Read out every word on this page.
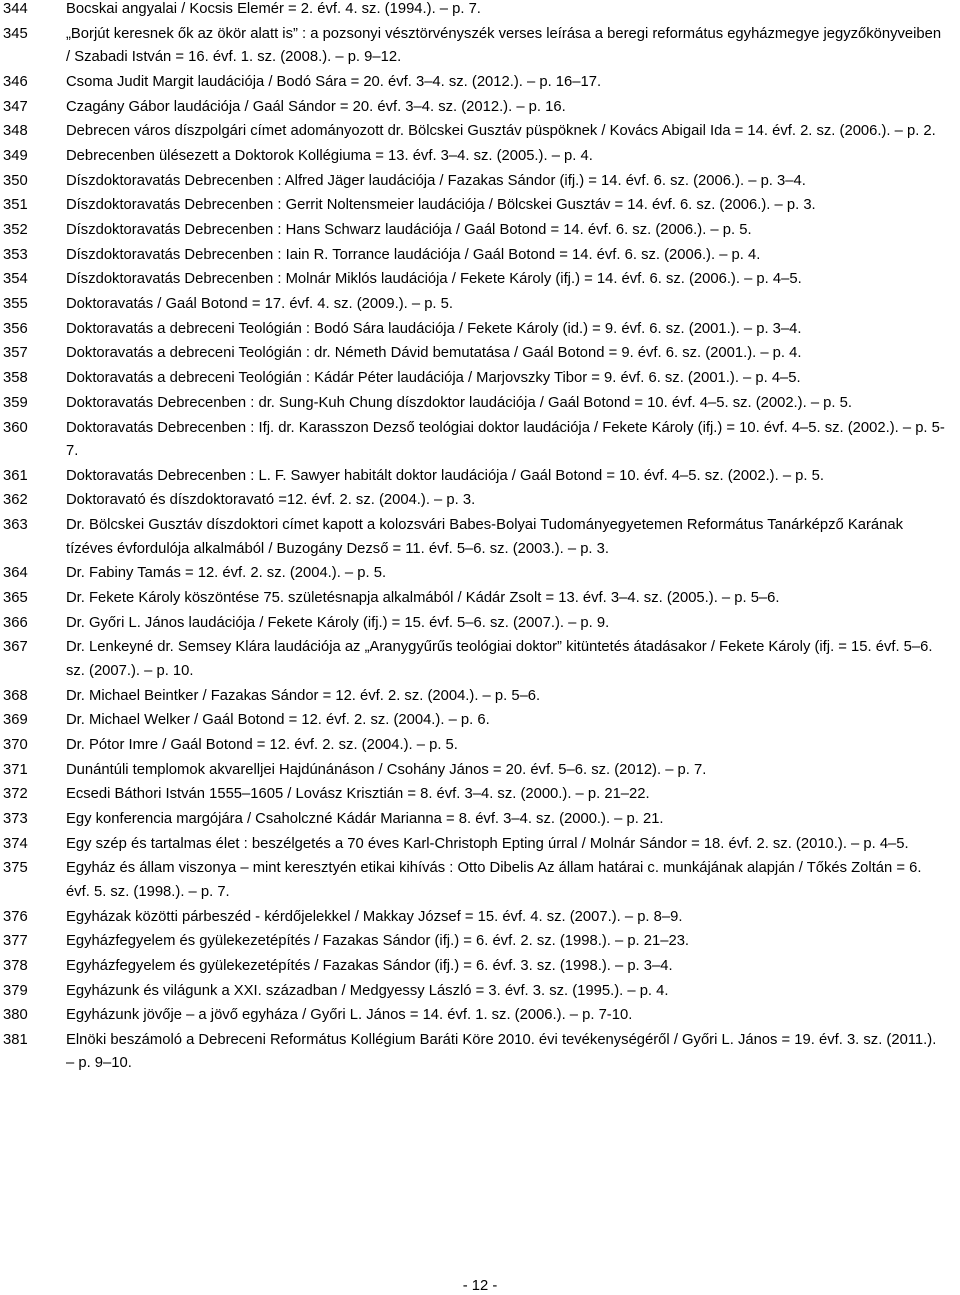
344	Bocskai angyalai / Kocsis Elemér = 2. évf. 4. sz. (1994.). – p. 7.
345	„Borjút keresnek ők az ökör alatt is” : a pozsonyi vésztörvényszék verses leírása a beregi református egyházmegye jegyzőkönyveiben / Szabadi István = 16. évf. 1. sz. (2008.). – p. 9–12.
346	Csoma Judit Margit laudációja / Bodó Sára = 20. évf. 3–4. sz. (2012.). – p. 16–17.
347	Czagány Gábor laudációja / Gaál Sándor = 20. évf. 3–4. sz. (2012.). – p. 16.
348	Debrecen város díszpolgári címet adományozott dr. Bölcskei Gusztáv püspöknek / Kovács Abigail Ida = 14. évf. 2. sz. (2006.). – p. 2.
349	Debrecenben ülésezett a Doktorok Kollégiuma = 13. évf. 3–4. sz. (2005.). – p. 4.
350	Díszdoktoravatás Debrecenben : Alfred Jäger laudációja / Fazakas Sándor (ifj.) = 14. évf. 6. sz. (2006.). – p. 3–4.
351	Díszdoktoravatás Debrecenben : Gerrit Noltensmeier laudációja / Bölcskei Gusztáv = 14. évf. 6. sz. (2006.). – p. 3.
352	Díszdoktoravatás Debrecenben : Hans Schwarz laudációja / Gaál Botond = 14. évf. 6. sz. (2006.). – p. 5.
353	Díszdoktoravatás Debrecenben : Iain R. Torrance laudációja / Gaál Botond = 14. évf. 6. sz. (2006.). – p. 4.
354	Díszdoktoravatás Debrecenben : Molnár Miklós laudációja / Fekete Károly (ifj.) = 14. évf. 6. sz. (2006.). – p. 4–5.
355	Doktoravatás / Gaál Botond = 17. évf. 4. sz. (2009.). – p. 5.
356	Doktoravatás a debreceni Teológián : Bodó Sára laudációja / Fekete Károly (id.) = 9. évf. 6. sz. (2001.). – p. 3–4.
357	Doktoravatás a debreceni Teológián : dr. Németh Dávid bemutatása / Gaál Botond = 9. évf. 6. sz. (2001.). – p. 4.
358	Doktoravatás a debreceni Teológián : Kádár Péter laudációja / Marjovszky Tibor = 9. évf. 6. sz. (2001.). – p. 4–5.
359	Doktoravatás Debrecenben : dr. Sung-Kuh Chung díszdoktor laudációja / Gaál Botond = 10. évf. 4–5. sz. (2002.). – p. 5.
360	Doktoravatás Debrecenben : Ifj. dr. Karasszon Dezső teológiai doktor laudációja / Fekete Károly (ifj.) = 10. évf. 4–5. sz. (2002.). – p. 5-7.
361	Doktoravatás Debrecenben : L. F. Sawyer habitált doktor laudációja / Gaál Botond = 10. évf. 4–5. sz. (2002.). – p. 5.
362	Doktoravató és díszdoktoravató =12. évf. 2. sz. (2004.). – p. 3.
363	Dr. Bölcskei Gusztáv díszdoktori címet kapott a kolozsvári Babes-Bolyai Tudományegyetemen Református Tanárképző Karának tízéves évfordulója alkalmából / Buzogány Dezső = 11. évf. 5–6. sz. (2003.). – p. 3.
364	Dr. Fabiny Tamás = 12. évf. 2. sz. (2004.). – p. 5.
365	Dr. Fekete Károly köszöntése 75. születésnapja alkalmából / Kádár Zsolt = 13. évf. 3–4. sz. (2005.). – p. 5–6.
366	Dr. Győri L. János laudációja / Fekete Károly (ifj.) = 15. évf. 5–6. sz. (2007.). – p. 9.
367	Dr. Lenkeyné dr. Semsey Klára laudációja az „Aranygyűrűs teológiai doktor” kitüntetés átadásakor / Fekete Károly (ifj. = 15. évf. 5–6. sz. (2007.). – p. 10.
368	Dr. Michael Beintker / Fazakas Sándor = 12. évf. 2. sz. (2004.). – p. 5–6.
369	Dr. Michael Welker / Gaál Botond = 12. évf. 2. sz. (2004.). – p. 6.
370	Dr. Pótor Imre / Gaál Botond = 12. évf. 2. sz. (2004.). – p. 5.
371	Dunántúli templomok akvarelljei Hajdúnánáson / Csohány János = 20. évf. 5–6. sz. (2012). – p. 7.
372	Ecsedi Báthori István 1555–1605 / Lovász Krisztián = 8. évf. 3–4. sz. (2000.). – p. 21–22.
373	Egy konferencia margójára / Csaholczné Kádár Marianna = 8. évf. 3–4. sz. (2000.). – p. 21.
374	Egy szép és tartalmas élet : beszélgetés a 70 éves Karl-Christoph Epting úrral / Molnár Sándor = 18. évf. 2. sz. (2010.). – p. 4–5.
375	Egyház és állam viszonya – mint keresztyén etikai kihívás : Otto Dibelis Az állam határai c. munkájának alapján / Tőkés Zoltán = 6. évf. 5. sz. (1998.). – p. 7.
376	Egyházak közötti párbeszéd - kérdőjelekkel / Makkay József = 15. évf. 4. sz. (2007.). – p. 8–9.
377	Egyházfegyelem és gyülekezetépítés / Fazakas Sándor (ifj.) = 6. évf. 2. sz. (1998.). – p. 21–23.
378	Egyházfegyelem és gyülekezetépítés / Fazakas Sándor (ifj.) = 6. évf. 3. sz. (1998.). – p. 3–4.
379	Egyházunk és világunk a XXI. században / Medgyessy László = 3. évf. 3. sz. (1995.). – p. 4.
380	Egyházunk jövője – a jövő egyháza / Győri L. János = 14. évf. 1. sz. (2006.). – p. 7-10.
381	Elnöki beszámoló a Debreceni Református Kollégium Baráti Köre 2010. évi tevékenységéről / Győri L. János = 19. évf. 3. sz. (2011.). – p. 9–10.
- 12 -
